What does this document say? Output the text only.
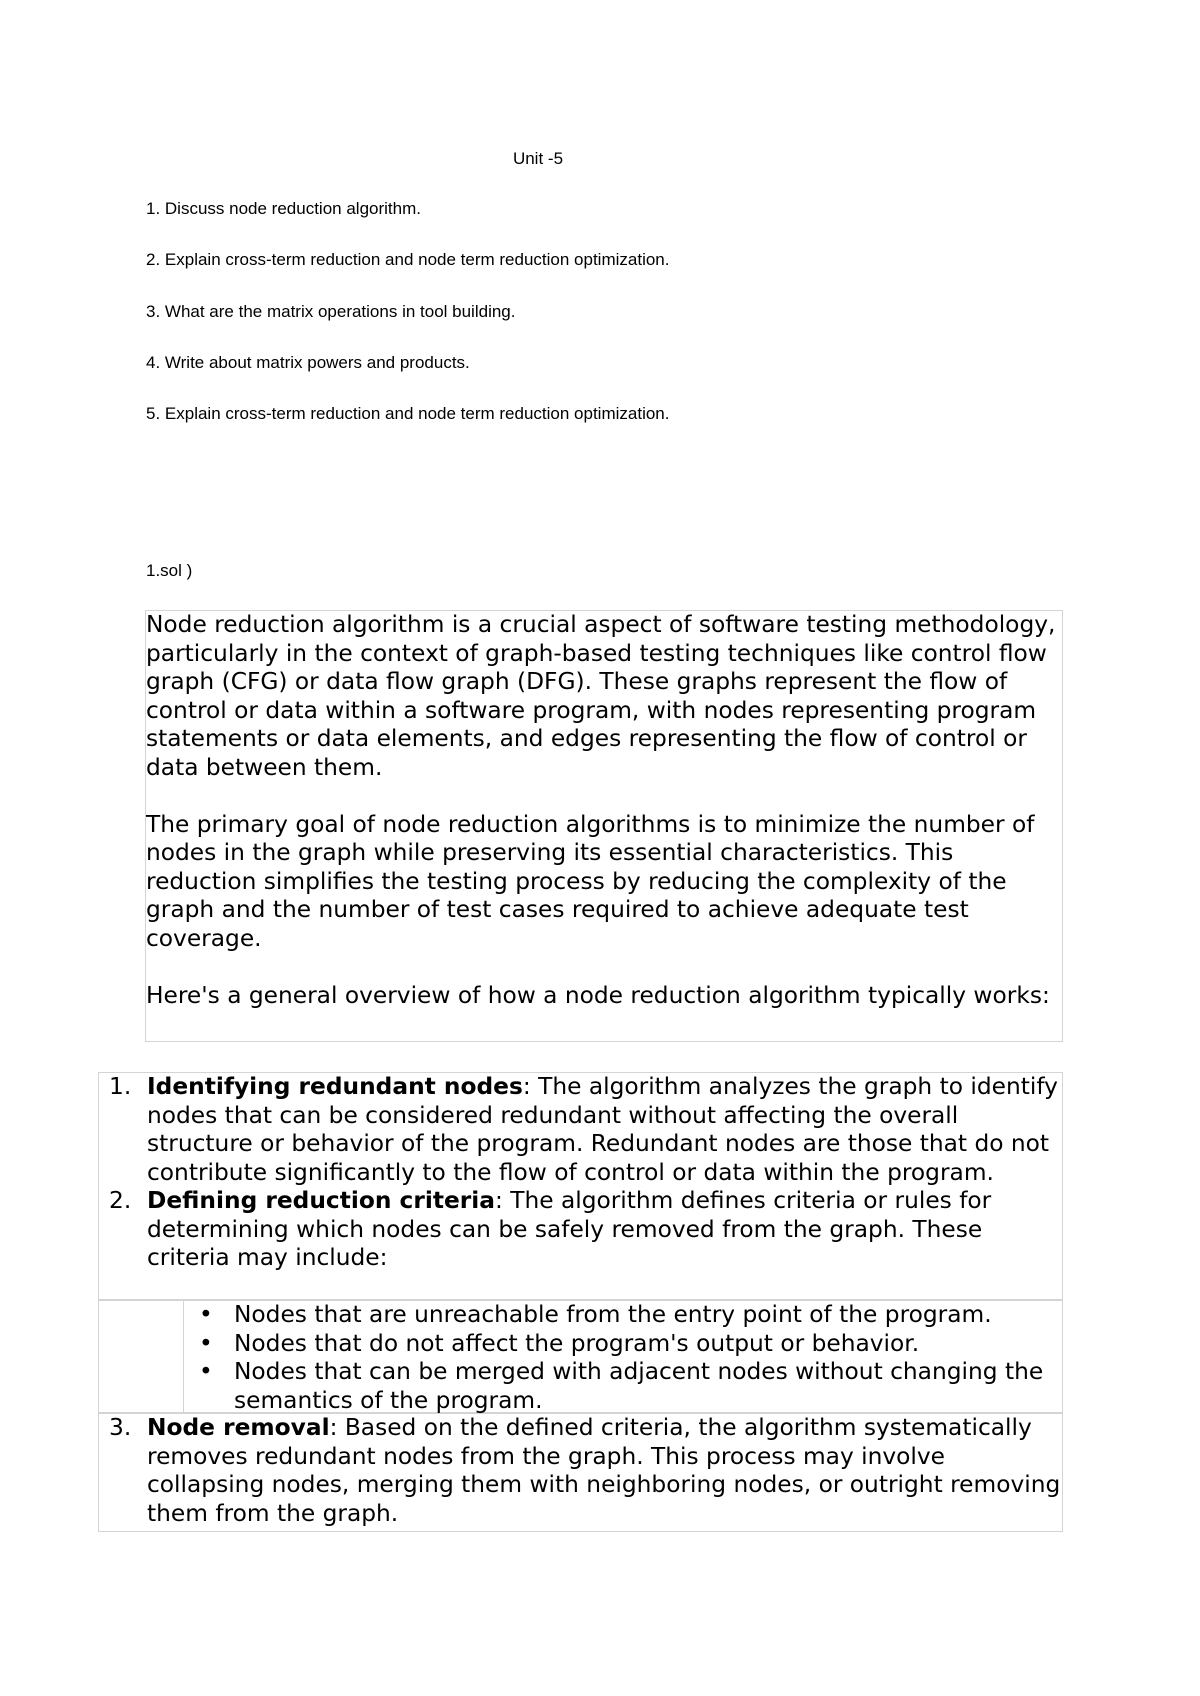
Unit -5
1. Discuss node reduction algorithm.
2. Explain cross-term reduction and node term reduction optimization.
3. What are the matrix operations in tool building.
4. Write about matrix powers and products.
5. Explain cross-term reduction and node term reduction optimization.
1.sol )

Node reduction algorithm is a crucial aspect of software testing methodology, particularly in the context of graph-based testing techniques like control flow graph (CFG) or data flow graph (DFG). These graphs represent the flow of control or data within a software program, with nodes representing program statements or data elements, and edges representing the flow of control or data between them.

The primary goal of node reduction algorithms is to minimize the number of nodes in the graph while preserving its essential characteristics. This reduction simplifies the testing process by reducing the complexity of the graph and the number of test cases required to achieve adequate test coverage.

Here's a general overview of how a node reduction algorithm typically works:

1. Identifying redundant nodes: The algorithm analyzes the graph to identify nodes that can be considered redundant without affecting the overall structure or behavior of the program. Redundant nodes are those that do not contribute significantly to the flow of control or data within the program.
2. Defining reduction criteria: The algorithm defines criteria or rules for determining which nodes can be safely removed from the graph. These criteria may include:
• Nodes that are unreachable from the entry point of the program.
• Nodes that do not affect the program's output or behavior.
• Nodes that can be merged with adjacent nodes without changing the semantics of the program.
3. Node removal: Based on the defined criteria, the algorithm systematically removes redundant nodes from the graph. This process may involve collapsing nodes, merging them with neighboring nodes, or outright removing them from the graph.
